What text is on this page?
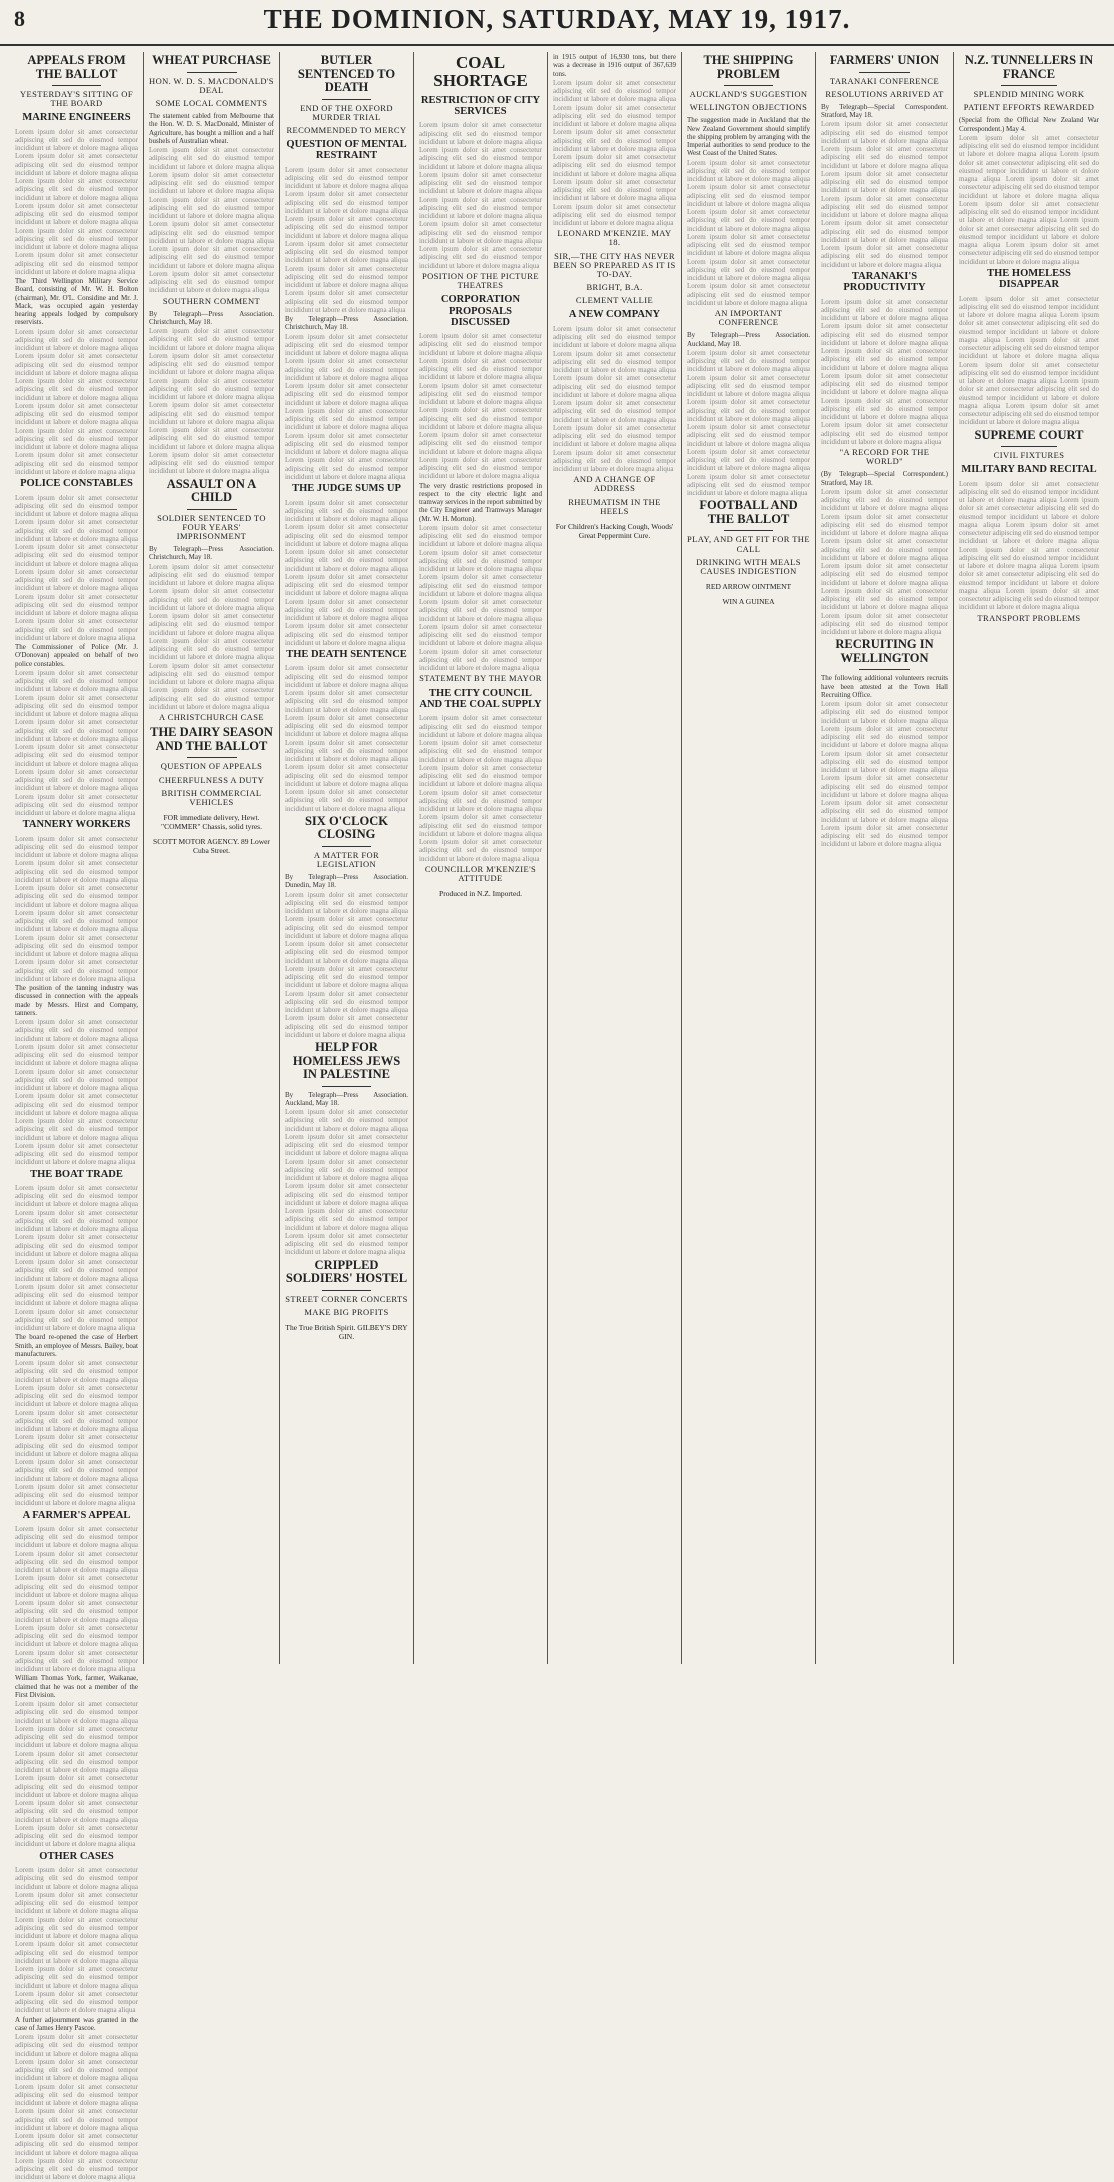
8	THE DOMINION, SATURDAY, MAY 19, 1917.
APPEALS FROM THE BALLOT
YESTERDAY'S SITTING OF THE BOARD
MARINE ENGINEERS

Lorem ipsum dolor sit amet consectetur adipiscing elit sed do eiusmod tempor incididunt ut labore et dolore magna aliqua Lorem ipsum dolor sit amet consectetur adipiscing elit sed do eiusmod tempor incididunt ut labore et dolore magna aliqua Lorem ipsum dolor sit amet consectetur adipiscing elit sed do eiusmod tempor incididunt ut labore et dolore magna aliqua Lorem ipsum dolor sit amet consectetur adipiscing elit sed do eiusmod tempor incididunt ut labore et dolore magna aliqua Lorem ipsum dolor sit amet consectetur adipiscing elit sed do eiusmod tempor incididunt ut labore et dolore magna aliqua Lorem ipsum dolor sit amet consectetur adipiscing elit sed do eiusmod tempor incididunt ut labore et dolore magna aliqua

The Third Wellington Military Service Board, consisting of Mr. W. H. Bolton (chairman), Mr. O'L. Considine and Mr. J. Mack, was occupied again yesterday hearing appeals lodged by compulsory reservists.

Lorem ipsum dolor sit amet consectetur adipiscing elit sed do eiusmod tempor incididunt ut labore et dolore magna aliqua Lorem ipsum dolor sit amet consectetur adipiscing elit sed do eiusmod tempor incididunt ut labore et dolore magna aliqua Lorem ipsum dolor sit amet consectetur adipiscing elit sed do eiusmod tempor incididunt ut labore et dolore magna aliqua Lorem ipsum dolor sit amet consectetur adipiscing elit sed do eiusmod tempor incididunt ut labore et dolore magna aliqua Lorem ipsum dolor sit amet consectetur adipiscing elit sed do eiusmod tempor incididunt ut labore et dolore magna aliqua Lorem ipsum dolor sit amet consectetur adipiscing elit sed do eiusmod tempor incididunt ut labore et dolore magna aliqua

POLICE CONSTABLES

Lorem ipsum dolor sit amet consectetur adipiscing elit sed do eiusmod tempor incididunt ut labore et dolore magna aliqua Lorem ipsum dolor sit amet consectetur adipiscing elit sed do eiusmod tempor incididunt ut labore et dolore magna aliqua Lorem ipsum dolor sit amet consectetur adipiscing elit sed do eiusmod tempor incididunt ut labore et dolore magna aliqua Lorem ipsum dolor sit amet consectetur adipiscing elit sed do eiusmod tempor incididunt ut labore et dolore magna aliqua Lorem ipsum dolor sit amet consectetur adipiscing elit sed do eiusmod tempor incididunt ut labore et dolore magna aliqua Lorem ipsum dolor sit amet consectetur adipiscing elit sed do eiusmod tempor incididunt ut labore et dolore magna aliqua

The Commissioner of Police (Mr. J. O'Donovan) appealed on behalf of two police constables.

Lorem ipsum dolor sit amet consectetur adipiscing elit sed do eiusmod tempor incididunt ut labore et dolore magna aliqua Lorem ipsum dolor sit amet consectetur adipiscing elit sed do eiusmod tempor incididunt ut labore et dolore magna aliqua Lorem ipsum dolor sit amet consectetur adipiscing elit sed do eiusmod tempor incididunt ut labore et dolore magna aliqua Lorem ipsum dolor sit amet consectetur adipiscing elit sed do eiusmod tempor incididunt ut labore et dolore magna aliqua Lorem ipsum dolor sit amet consectetur adipiscing elit sed do eiusmod tempor incididunt ut labore et dolore magna aliqua Lorem ipsum dolor sit amet consectetur adipiscing elit sed do eiusmod tempor incididunt ut labore et dolore magna aliqua

TANNERY WORKERS

Lorem ipsum dolor sit amet consectetur adipiscing elit sed do eiusmod tempor incididunt ut labore et dolore magna aliqua Lorem ipsum dolor sit amet consectetur adipiscing elit sed do eiusmod tempor incididunt ut labore et dolore magna aliqua Lorem ipsum dolor sit amet consectetur adipiscing elit sed do eiusmod tempor incididunt ut labore et dolore magna aliqua Lorem ipsum dolor sit amet consectetur adipiscing elit sed do eiusmod tempor incididunt ut labore et dolore magna aliqua Lorem ipsum dolor sit amet consectetur adipiscing elit sed do eiusmod tempor incididunt ut labore et dolore magna aliqua Lorem ipsum dolor sit amet consectetur adipiscing elit sed do eiusmod tempor incididunt ut labore et dolore magna aliqua

The position of the tanning industry was discussed in connection with the appeals made by Messrs. Hirst and Company, tanners.

Lorem ipsum dolor sit amet consectetur adipiscing elit sed do eiusmod tempor incididunt ut labore et dolore magna aliqua Lorem ipsum dolor sit amet consectetur adipiscing elit sed do eiusmod tempor incididunt ut labore et dolore magna aliqua Lorem ipsum dolor sit amet consectetur adipiscing elit sed do eiusmod tempor incididunt ut labore et dolore magna aliqua Lorem ipsum dolor sit amet consectetur adipiscing elit sed do eiusmod tempor incididunt ut labore et dolore magna aliqua Lorem ipsum dolor sit amet consectetur adipiscing elit sed do eiusmod tempor incididunt ut labore et dolore magna aliqua Lorem ipsum dolor sit amet consectetur adipiscing elit sed do eiusmod tempor incididunt ut labore et dolore magna aliqua

THE BOAT TRADE

Lorem ipsum dolor sit amet consectetur adipiscing elit sed do eiusmod tempor incididunt ut labore et dolore magna aliqua Lorem ipsum dolor sit amet consectetur adipiscing elit sed do eiusmod tempor incididunt ut labore et dolore magna aliqua Lorem ipsum dolor sit amet consectetur adipiscing elit sed do eiusmod tempor incididunt ut labore et dolore magna aliqua Lorem ipsum dolor sit amet consectetur adipiscing elit sed do eiusmod tempor incididunt ut labore et dolore magna aliqua Lorem ipsum dolor sit amet consectetur adipiscing elit sed do eiusmod tempor incididunt ut labore et dolore magna aliqua Lorem ipsum dolor sit amet consectetur adipiscing elit sed do eiusmod tempor incididunt ut labore et dolore magna aliqua

The board re-opened the case of Herbert Smith, an employee of Messrs. Bailey, boat manufacturers.

Lorem ipsum dolor sit amet consectetur adipiscing elit sed do eiusmod tempor incididunt ut labore et dolore magna aliqua Lorem ipsum dolor sit amet consectetur adipiscing elit sed do eiusmod tempor incididunt ut labore et dolore magna aliqua Lorem ipsum dolor sit amet consectetur adipiscing elit sed do eiusmod tempor incididunt ut labore et dolore magna aliqua Lorem ipsum dolor sit amet consectetur adipiscing elit sed do eiusmod tempor incididunt ut labore et dolore magna aliqua Lorem ipsum dolor sit amet consectetur adipiscing elit sed do eiusmod tempor incididunt ut labore et dolore magna aliqua Lorem ipsum dolor sit amet consectetur adipiscing elit sed do eiusmod tempor incididunt ut labore et dolore magna aliqua

A FARMER'S APPEAL

Lorem ipsum dolor sit amet consectetur adipiscing elit sed do eiusmod tempor incididunt ut labore et dolore magna aliqua Lorem ipsum dolor sit amet consectetur adipiscing elit sed do eiusmod tempor incididunt ut labore et dolore magna aliqua Lorem ipsum dolor sit amet consectetur adipiscing elit sed do eiusmod tempor incididunt ut labore et dolore magna aliqua Lorem ipsum dolor sit amet consectetur adipiscing elit sed do eiusmod tempor incididunt ut labore et dolore magna aliqua Lorem ipsum dolor sit amet consectetur adipiscing elit sed do eiusmod tempor incididunt ut labore et dolore magna aliqua Lorem ipsum dolor sit amet consectetur adipiscing elit sed do eiusmod tempor incididunt ut labore et dolore magna aliqua

William Thomas York, farmer, Waikanae, claimed that he was not a member of the First Division.

Lorem ipsum dolor sit amet consectetur adipiscing elit sed do eiusmod tempor incididunt ut labore et dolore magna aliqua Lorem ipsum dolor sit amet consectetur adipiscing elit sed do eiusmod tempor incididunt ut labore et dolore magna aliqua Lorem ipsum dolor sit amet consectetur adipiscing elit sed do eiusmod tempor incididunt ut labore et dolore magna aliqua Lorem ipsum dolor sit amet consectetur adipiscing elit sed do eiusmod tempor incididunt ut labore et dolore magna aliqua Lorem ipsum dolor sit amet consectetur adipiscing elit sed do eiusmod tempor incididunt ut labore et dolore magna aliqua Lorem ipsum dolor sit amet consectetur adipiscing elit sed do eiusmod tempor incididunt ut labore et dolore magna aliqua

OTHER CASES

Lorem ipsum dolor sit amet consectetur adipiscing elit sed do eiusmod tempor incididunt ut labore et dolore magna aliqua Lorem ipsum dolor sit amet consectetur adipiscing elit sed do eiusmod tempor incididunt ut labore et dolore magna aliqua Lorem ipsum dolor sit amet consectetur adipiscing elit sed do eiusmod tempor incididunt ut labore et dolore magna aliqua Lorem ipsum dolor sit amet consectetur adipiscing elit sed do eiusmod tempor incididunt ut labore et dolore magna aliqua Lorem ipsum dolor sit amet consectetur adipiscing elit sed do eiusmod tempor incididunt ut labore et dolore magna aliqua Lorem ipsum dolor sit amet consectetur adipiscing elit sed do eiusmod tempor incididunt ut labore et dolore magna aliqua

A further adjournment was granted in the case of James Henry Pascoe.

Lorem ipsum dolor sit amet consectetur adipiscing elit sed do eiusmod tempor incididunt ut labore et dolore magna aliqua Lorem ipsum dolor sit amet consectetur adipiscing elit sed do eiusmod tempor incididunt ut labore et dolore magna aliqua Lorem ipsum dolor sit amet consectetur adipiscing elit sed do eiusmod tempor incididunt ut labore et dolore magna aliqua Lorem ipsum dolor sit amet consectetur adipiscing elit sed do eiusmod tempor incididunt ut labore et dolore magna aliqua Lorem ipsum dolor sit amet consectetur adipiscing elit sed do eiusmod tempor incididunt ut labore et dolore magna aliqua Lorem ipsum dolor sit amet consectetur adipiscing elit sed do eiusmod tempor incididunt ut labore et dolore magna aliqua

WHEAT PURCHASE
HON. W. D. S. MACDONALD'S DEAL
SOME LOCAL COMMENTS

The statement cabled from Melbourne that the Hon. W. D. S. MacDonald, Minister of Agriculture, has bought a million and a half bushels of Australian wheat.

Lorem ipsum dolor sit amet consectetur adipiscing elit sed do eiusmod tempor incididunt ut labore et dolore magna aliqua Lorem ipsum dolor sit amet consectetur adipiscing elit sed do eiusmod tempor incididunt ut labore et dolore magna aliqua Lorem ipsum dolor sit amet consectetur adipiscing elit sed do eiusmod tempor incididunt ut labore et dolore magna aliqua Lorem ipsum dolor sit amet consectetur adipiscing elit sed do eiusmod tempor incididunt ut labore et dolore magna aliqua Lorem ipsum dolor sit amet consectetur adipiscing elit sed do eiusmod tempor incididunt ut labore et dolore magna aliqua Lorem ipsum dolor sit amet consectetur adipiscing elit sed do eiusmod tempor incididunt ut labore et dolore magna aliqua

SOUTHERN COMMENT

By Telegraph—Press Association. Christchurch, May 18.

Lorem ipsum dolor sit amet consectetur adipiscing elit sed do eiusmod tempor incididunt ut labore et dolore magna aliqua Lorem ipsum dolor sit amet consectetur adipiscing elit sed do eiusmod tempor incididunt ut labore et dolore magna aliqua Lorem ipsum dolor sit amet consectetur adipiscing elit sed do eiusmod tempor incididunt ut labore et dolore magna aliqua Lorem ipsum dolor sit amet consectetur adipiscing elit sed do eiusmod tempor incididunt ut labore et dolore magna aliqua Lorem ipsum dolor sit amet consectetur adipiscing elit sed do eiusmod tempor incididunt ut labore et dolore magna aliqua Lorem ipsum dolor sit amet consectetur adipiscing elit sed do eiusmod tempor incididunt ut labore et dolore magna aliqua

ASSAULT ON A CHILD
SOLDIER SENTENCED TO FOUR YEARS' IMPRISONMENT

By Telegraph—Press Association. Christchurch, May 18.

Lorem ipsum dolor sit amet consectetur adipiscing elit sed do eiusmod tempor incididunt ut labore et dolore magna aliqua Lorem ipsum dolor sit amet consectetur adipiscing elit sed do eiusmod tempor incididunt ut labore et dolore magna aliqua Lorem ipsum dolor sit amet consectetur adipiscing elit sed do eiusmod tempor incididunt ut labore et dolore magna aliqua Lorem ipsum dolor sit amet consectetur adipiscing elit sed do eiusmod tempor incididunt ut labore et dolore magna aliqua Lorem ipsum dolor sit amet consectetur adipiscing elit sed do eiusmod tempor incididunt ut labore et dolore magna aliqua Lorem ipsum dolor sit amet consectetur adipiscing elit sed do eiusmod tempor incididunt ut labore et dolore magna aliqua

A CHRISTCHURCH CASE
THE DAIRY SEASON AND THE BALLOT
QUESTION OF APPEALS
CHEERFULNESS A DUTY
BRITISH COMMERCIAL VEHICLES
FOR immediate delivery, Hewt. "COMMER" Chassis, solid tyres.
SCOTT MOTOR AGENCY. 89 Lower Cuba Street.
BUTLER SENTENCED TO DEATH
END OF THE OXFORD MURDER TRIAL
RECOMMENDED TO MERCY
QUESTION OF MENTAL RESTRAINT

Lorem ipsum dolor sit amet consectetur adipiscing elit sed do eiusmod tempor incididunt ut labore et dolore magna aliqua Lorem ipsum dolor sit amet consectetur adipiscing elit sed do eiusmod tempor incididunt ut labore et dolore magna aliqua Lorem ipsum dolor sit amet consectetur adipiscing elit sed do eiusmod tempor incididunt ut labore et dolore magna aliqua Lorem ipsum dolor sit amet consectetur adipiscing elit sed do eiusmod tempor incididunt ut labore et dolore magna aliqua Lorem ipsum dolor sit amet consectetur adipiscing elit sed do eiusmod tempor incididunt ut labore et dolore magna aliqua Lorem ipsum dolor sit amet consectetur adipiscing elit sed do eiusmod tempor incididunt ut labore et dolore magna aliqua

By Telegraph—Press Association. Christchurch, May 18.

Lorem ipsum dolor sit amet consectetur adipiscing elit sed do eiusmod tempor incididunt ut labore et dolore magna aliqua Lorem ipsum dolor sit amet consectetur adipiscing elit sed do eiusmod tempor incididunt ut labore et dolore magna aliqua Lorem ipsum dolor sit amet consectetur adipiscing elit sed do eiusmod tempor incididunt ut labore et dolore magna aliqua Lorem ipsum dolor sit amet consectetur adipiscing elit sed do eiusmod tempor incididunt ut labore et dolore magna aliqua Lorem ipsum dolor sit amet consectetur adipiscing elit sed do eiusmod tempor incididunt ut labore et dolore magna aliqua Lorem ipsum dolor sit amet consectetur adipiscing elit sed do eiusmod tempor incididunt ut labore et dolore magna aliqua

THE JUDGE SUMS UP

Lorem ipsum dolor sit amet consectetur adipiscing elit sed do eiusmod tempor incididunt ut labore et dolore magna aliqua Lorem ipsum dolor sit amet consectetur adipiscing elit sed do eiusmod tempor incididunt ut labore et dolore magna aliqua Lorem ipsum dolor sit amet consectetur adipiscing elit sed do eiusmod tempor incididunt ut labore et dolore magna aliqua Lorem ipsum dolor sit amet consectetur adipiscing elit sed do eiusmod tempor incididunt ut labore et dolore magna aliqua Lorem ipsum dolor sit amet consectetur adipiscing elit sed do eiusmod tempor incididunt ut labore et dolore magna aliqua Lorem ipsum dolor sit amet consectetur adipiscing elit sed do eiusmod tempor incididunt ut labore et dolore magna aliqua

THE DEATH SENTENCE

Lorem ipsum dolor sit amet consectetur adipiscing elit sed do eiusmod tempor incididunt ut labore et dolore magna aliqua Lorem ipsum dolor sit amet consectetur adipiscing elit sed do eiusmod tempor incididunt ut labore et dolore magna aliqua Lorem ipsum dolor sit amet consectetur adipiscing elit sed do eiusmod tempor incididunt ut labore et dolore magna aliqua Lorem ipsum dolor sit amet consectetur adipiscing elit sed do eiusmod tempor incididunt ut labore et dolore magna aliqua Lorem ipsum dolor sit amet consectetur adipiscing elit sed do eiusmod tempor incididunt ut labore et dolore magna aliqua Lorem ipsum dolor sit amet consectetur adipiscing elit sed do eiusmod tempor incididunt ut labore et dolore magna aliqua

SIX O'CLOCK CLOSING
A MATTER FOR LEGISLATION

By Telegraph—Press Association. Dunedin, May 18.

Lorem ipsum dolor sit amet consectetur adipiscing elit sed do eiusmod tempor incididunt ut labore et dolore magna aliqua Lorem ipsum dolor sit amet consectetur adipiscing elit sed do eiusmod tempor incididunt ut labore et dolore magna aliqua Lorem ipsum dolor sit amet consectetur adipiscing elit sed do eiusmod tempor incididunt ut labore et dolore magna aliqua Lorem ipsum dolor sit amet consectetur adipiscing elit sed do eiusmod tempor incididunt ut labore et dolore magna aliqua Lorem ipsum dolor sit amet consectetur adipiscing elit sed do eiusmod tempor incididunt ut labore et dolore magna aliqua Lorem ipsum dolor sit amet consectetur adipiscing elit sed do eiusmod tempor incididunt ut labore et dolore magna aliqua

HELP FOR HOMELESS JEWS IN PALESTINE

By Telegraph—Press Association. Auckland, May 18.

Lorem ipsum dolor sit amet consectetur adipiscing elit sed do eiusmod tempor incididunt ut labore et dolore magna aliqua Lorem ipsum dolor sit amet consectetur adipiscing elit sed do eiusmod tempor incididunt ut labore et dolore magna aliqua Lorem ipsum dolor sit amet consectetur adipiscing elit sed do eiusmod tempor incididunt ut labore et dolore magna aliqua Lorem ipsum dolor sit amet consectetur adipiscing elit sed do eiusmod tempor incididunt ut labore et dolore magna aliqua Lorem ipsum dolor sit amet consectetur adipiscing elit sed do eiusmod tempor incididunt ut labore et dolore magna aliqua Lorem ipsum dolor sit amet consectetur adipiscing elit sed do eiusmod tempor incididunt ut labore et dolore magna aliqua

CRIPPLED SOLDIERS' HOSTEL
STREET CORNER CONCERTS
MAKE BIG PROFITS
The True British Spirit. GILBEY'S DRY GIN.
COAL SHORTAGE
RESTRICTION OF CITY SERVICES

Lorem ipsum dolor sit amet consectetur adipiscing elit sed do eiusmod tempor incididunt ut labore et dolore magna aliqua Lorem ipsum dolor sit amet consectetur adipiscing elit sed do eiusmod tempor incididunt ut labore et dolore magna aliqua Lorem ipsum dolor sit amet consectetur adipiscing elit sed do eiusmod tempor incididunt ut labore et dolore magna aliqua Lorem ipsum dolor sit amet consectetur adipiscing elit sed do eiusmod tempor incididunt ut labore et dolore magna aliqua Lorem ipsum dolor sit amet consectetur adipiscing elit sed do eiusmod tempor incididunt ut labore et dolore magna aliqua Lorem ipsum dolor sit amet consectetur adipiscing elit sed do eiusmod tempor incididunt ut labore et dolore magna aliqua

POSITION OF THE PICTURE THEATRES
CORPORATION PROPOSALS DISCUSSED

Lorem ipsum dolor sit amet consectetur adipiscing elit sed do eiusmod tempor incididunt ut labore et dolore magna aliqua Lorem ipsum dolor sit amet consectetur adipiscing elit sed do eiusmod tempor incididunt ut labore et dolore magna aliqua Lorem ipsum dolor sit amet consectetur adipiscing elit sed do eiusmod tempor incididunt ut labore et dolore magna aliqua Lorem ipsum dolor sit amet consectetur adipiscing elit sed do eiusmod tempor incididunt ut labore et dolore magna aliqua Lorem ipsum dolor sit amet consectetur adipiscing elit sed do eiusmod tempor incididunt ut labore et dolore magna aliqua Lorem ipsum dolor sit amet consectetur adipiscing elit sed do eiusmod tempor incididunt ut labore et dolore magna aliqua

The very drastic restrictions proposed in respect to the city electric light and tramway services in the report submitted by the City Engineer and Tramways Manager (Mr. W. H. Morton).

Lorem ipsum dolor sit amet consectetur adipiscing elit sed do eiusmod tempor incididunt ut labore et dolore magna aliqua Lorem ipsum dolor sit amet consectetur adipiscing elit sed do eiusmod tempor incididunt ut labore et dolore magna aliqua Lorem ipsum dolor sit amet consectetur adipiscing elit sed do eiusmod tempor incididunt ut labore et dolore magna aliqua Lorem ipsum dolor sit amet consectetur adipiscing elit sed do eiusmod tempor incididunt ut labore et dolore magna aliqua Lorem ipsum dolor sit amet consectetur adipiscing elit sed do eiusmod tempor incididunt ut labore et dolore magna aliqua Lorem ipsum dolor sit amet consectetur adipiscing elit sed do eiusmod tempor incididunt ut labore et dolore magna aliqua

STATEMENT BY THE MAYOR
THE CITY COUNCIL AND THE COAL SUPPLY

Lorem ipsum dolor sit amet consectetur adipiscing elit sed do eiusmod tempor incididunt ut labore et dolore magna aliqua Lorem ipsum dolor sit amet consectetur adipiscing elit sed do eiusmod tempor incididunt ut labore et dolore magna aliqua Lorem ipsum dolor sit amet consectetur adipiscing elit sed do eiusmod tempor incididunt ut labore et dolore magna aliqua Lorem ipsum dolor sit amet consectetur adipiscing elit sed do eiusmod tempor incididunt ut labore et dolore magna aliqua Lorem ipsum dolor sit amet consectetur adipiscing elit sed do eiusmod tempor incididunt ut labore et dolore magna aliqua Lorem ipsum dolor sit amet consectetur adipiscing elit sed do eiusmod tempor incididunt ut labore et dolore magna aliqua

COUNCILLOR M'KENZIE'S ATTITUDE
Produced in N.Z. Imported.

in 1915 output of 16,930 tons, but there was a decrease in 1916 output of 367,639 tons.

Lorem ipsum dolor sit amet consectetur adipiscing elit sed do eiusmod tempor incididunt ut labore et dolore magna aliqua Lorem ipsum dolor sit amet consectetur adipiscing elit sed do eiusmod tempor incididunt ut labore et dolore magna aliqua Lorem ipsum dolor sit amet consectetur adipiscing elit sed do eiusmod tempor incididunt ut labore et dolore magna aliqua Lorem ipsum dolor sit amet consectetur adipiscing elit sed do eiusmod tempor incididunt ut labore et dolore magna aliqua Lorem ipsum dolor sit amet consectetur adipiscing elit sed do eiusmod tempor incididunt ut labore et dolore magna aliqua Lorem ipsum dolor sit amet consectetur adipiscing elit sed do eiusmod tempor incididunt ut labore et dolore magna aliqua

LEONARD M'KENZIE. MAY 18.
SIR,—THE CITY HAS NEVER BEEN SO PREPARED AS IT IS TO-DAY.
BRIGHT, B.A.
CLEMENT VALLIE
A NEW COMPANY

Lorem ipsum dolor sit amet consectetur adipiscing elit sed do eiusmod tempor incididunt ut labore et dolore magna aliqua Lorem ipsum dolor sit amet consectetur adipiscing elit sed do eiusmod tempor incididunt ut labore et dolore magna aliqua Lorem ipsum dolor sit amet consectetur adipiscing elit sed do eiusmod tempor incididunt ut labore et dolore magna aliqua Lorem ipsum dolor sit amet consectetur adipiscing elit sed do eiusmod tempor incididunt ut labore et dolore magna aliqua Lorem ipsum dolor sit amet consectetur adipiscing elit sed do eiusmod tempor incididunt ut labore et dolore magna aliqua Lorem ipsum dolor sit amet consectetur adipiscing elit sed do eiusmod tempor incididunt ut labore et dolore magna aliqua

AND A CHANGE OF ADDRESS
RHEUMATISM IN THE HEELS
For Children's Hacking Cough, Woods' Great Peppermint Cure.
THE SHIPPING PROBLEM
AUCKLAND'S SUGGESTION
WELLINGTON OBJECTIONS

The suggestion made in Auckland that the New Zealand Government should simplify the shipping problem by arranging with the Imperial authorities to send produce to the West Coast of the United States.

Lorem ipsum dolor sit amet consectetur adipiscing elit sed do eiusmod tempor incididunt ut labore et dolore magna aliqua Lorem ipsum dolor sit amet consectetur adipiscing elit sed do eiusmod tempor incididunt ut labore et dolore magna aliqua Lorem ipsum dolor sit amet consectetur adipiscing elit sed do eiusmod tempor incididunt ut labore et dolore magna aliqua Lorem ipsum dolor sit amet consectetur adipiscing elit sed do eiusmod tempor incididunt ut labore et dolore magna aliqua Lorem ipsum dolor sit amet consectetur adipiscing elit sed do eiusmod tempor incididunt ut labore et dolore magna aliqua Lorem ipsum dolor sit amet consectetur adipiscing elit sed do eiusmod tempor incididunt ut labore et dolore magna aliqua

AN IMPORTANT CONFERENCE

By Telegraph—Press Association. Auckland, May 18.

Lorem ipsum dolor sit amet consectetur adipiscing elit sed do eiusmod tempor incididunt ut labore et dolore magna aliqua Lorem ipsum dolor sit amet consectetur adipiscing elit sed do eiusmod tempor incididunt ut labore et dolore magna aliqua Lorem ipsum dolor sit amet consectetur adipiscing elit sed do eiusmod tempor incididunt ut labore et dolore magna aliqua Lorem ipsum dolor sit amet consectetur adipiscing elit sed do eiusmod tempor incididunt ut labore et dolore magna aliqua Lorem ipsum dolor sit amet consectetur adipiscing elit sed do eiusmod tempor incididunt ut labore et dolore magna aliqua Lorem ipsum dolor sit amet consectetur adipiscing elit sed do eiusmod tempor incididunt ut labore et dolore magna aliqua

FOOTBALL AND THE BALLOT
PLAY, AND GET FIT FOR THE CALL
DRINKING WITH MEALS CAUSES INDIGESTION
RED ARROW OINTMENT
WIN A GUINEA
FARMERS' UNION
TARANAKI CONFERENCE
RESOLUTIONS ARRIVED AT

By Telegraph—Special Correspondent. Stratford, May 18.

Lorem ipsum dolor sit amet consectetur adipiscing elit sed do eiusmod tempor incididunt ut labore et dolore magna aliqua Lorem ipsum dolor sit amet consectetur adipiscing elit sed do eiusmod tempor incididunt ut labore et dolore magna aliqua Lorem ipsum dolor sit amet consectetur adipiscing elit sed do eiusmod tempor incididunt ut labore et dolore magna aliqua Lorem ipsum dolor sit amet consectetur adipiscing elit sed do eiusmod tempor incididunt ut labore et dolore magna aliqua Lorem ipsum dolor sit amet consectetur adipiscing elit sed do eiusmod tempor incididunt ut labore et dolore magna aliqua Lorem ipsum dolor sit amet consectetur adipiscing elit sed do eiusmod tempor incididunt ut labore et dolore magna aliqua

TARANAKI'S PRODUCTIVITY

Lorem ipsum dolor sit amet consectetur adipiscing elit sed do eiusmod tempor incididunt ut labore et dolore magna aliqua Lorem ipsum dolor sit amet consectetur adipiscing elit sed do eiusmod tempor incididunt ut labore et dolore magna aliqua Lorem ipsum dolor sit amet consectetur adipiscing elit sed do eiusmod tempor incididunt ut labore et dolore magna aliqua Lorem ipsum dolor sit amet consectetur adipiscing elit sed do eiusmod tempor incididunt ut labore et dolore magna aliqua Lorem ipsum dolor sit amet consectetur adipiscing elit sed do eiusmod tempor incididunt ut labore et dolore magna aliqua Lorem ipsum dolor sit amet consectetur adipiscing elit sed do eiusmod tempor incididunt ut labore et dolore magna aliqua

"A RECORD FOR THE WORLD"

(By Telegraph—Special Correspondent.) Stratford, May 18.

Lorem ipsum dolor sit amet consectetur adipiscing elit sed do eiusmod tempor incididunt ut labore et dolore magna aliqua Lorem ipsum dolor sit amet consectetur adipiscing elit sed do eiusmod tempor incididunt ut labore et dolore magna aliqua Lorem ipsum dolor sit amet consectetur adipiscing elit sed do eiusmod tempor incididunt ut labore et dolore magna aliqua Lorem ipsum dolor sit amet consectetur adipiscing elit sed do eiusmod tempor incididunt ut labore et dolore magna aliqua Lorem ipsum dolor sit amet consectetur adipiscing elit sed do eiusmod tempor incididunt ut labore et dolore magna aliqua Lorem ipsum dolor sit amet consectetur adipiscing elit sed do eiusmod tempor incididunt ut labore et dolore magna aliqua

RECRUITING IN WELLINGTON

The following additional volunteers recruits have been attested at the Town Hall Recruiting Office.

Lorem ipsum dolor sit amet consectetur adipiscing elit sed do eiusmod tempor incididunt ut labore et dolore magna aliqua Lorem ipsum dolor sit amet consectetur adipiscing elit sed do eiusmod tempor incididunt ut labore et dolore magna aliqua Lorem ipsum dolor sit amet consectetur adipiscing elit sed do eiusmod tempor incididunt ut labore et dolore magna aliqua Lorem ipsum dolor sit amet consectetur adipiscing elit sed do eiusmod tempor incididunt ut labore et dolore magna aliqua Lorem ipsum dolor sit amet consectetur adipiscing elit sed do eiusmod tempor incididunt ut labore et dolore magna aliqua Lorem ipsum dolor sit amet consectetur adipiscing elit sed do eiusmod tempor incididunt ut labore et dolore magna aliqua

N.Z. TUNNELLERS IN FRANCE
SPLENDID MINING WORK
PATIENT EFFORTS REWARDED

(Special from the Official New Zealand War Correspondent.) May 4.

Lorem ipsum dolor sit amet consectetur adipiscing elit sed do eiusmod tempor incididunt ut labore et dolore magna aliqua Lorem ipsum dolor sit amet consectetur adipiscing elit sed do eiusmod tempor incididunt ut labore et dolore magna aliqua Lorem ipsum dolor sit amet consectetur adipiscing elit sed do eiusmod tempor incididunt ut labore et dolore magna aliqua Lorem ipsum dolor sit amet consectetur adipiscing elit sed do eiusmod tempor incididunt ut labore et dolore magna aliqua Lorem ipsum dolor sit amet consectetur adipiscing elit sed do eiusmod tempor incididunt ut labore et dolore magna aliqua Lorem ipsum dolor sit amet consectetur adipiscing elit sed do eiusmod tempor incididunt ut labore et dolore magna aliqua

THE HOMELESS DISAPPEAR

Lorem ipsum dolor sit amet consectetur adipiscing elit sed do eiusmod tempor incididunt ut labore et dolore magna aliqua Lorem ipsum dolor sit amet consectetur adipiscing elit sed do eiusmod tempor incididunt ut labore et dolore magna aliqua Lorem ipsum dolor sit amet consectetur adipiscing elit sed do eiusmod tempor incididunt ut labore et dolore magna aliqua Lorem ipsum dolor sit amet consectetur adipiscing elit sed do eiusmod tempor incididunt ut labore et dolore magna aliqua Lorem ipsum dolor sit amet consectetur adipiscing elit sed do eiusmod tempor incididunt ut labore et dolore magna aliqua Lorem ipsum dolor sit amet consectetur adipiscing elit sed do eiusmod tempor incididunt ut labore et dolore magna aliqua

SUPREME COURT
CIVIL FIXTURES
MILITARY BAND RECITAL

Lorem ipsum dolor sit amet consectetur adipiscing elit sed do eiusmod tempor incididunt ut labore et dolore magna aliqua Lorem ipsum dolor sit amet consectetur adipiscing elit sed do eiusmod tempor incididunt ut labore et dolore magna aliqua Lorem ipsum dolor sit amet consectetur adipiscing elit sed do eiusmod tempor incididunt ut labore et dolore magna aliqua Lorem ipsum dolor sit amet consectetur adipiscing elit sed do eiusmod tempor incididunt ut labore et dolore magna aliqua Lorem ipsum dolor sit amet consectetur adipiscing elit sed do eiusmod tempor incididunt ut labore et dolore magna aliqua Lorem ipsum dolor sit amet consectetur adipiscing elit sed do eiusmod tempor incididunt ut labore et dolore magna aliqua

TRANSPORT PROBLEMS
